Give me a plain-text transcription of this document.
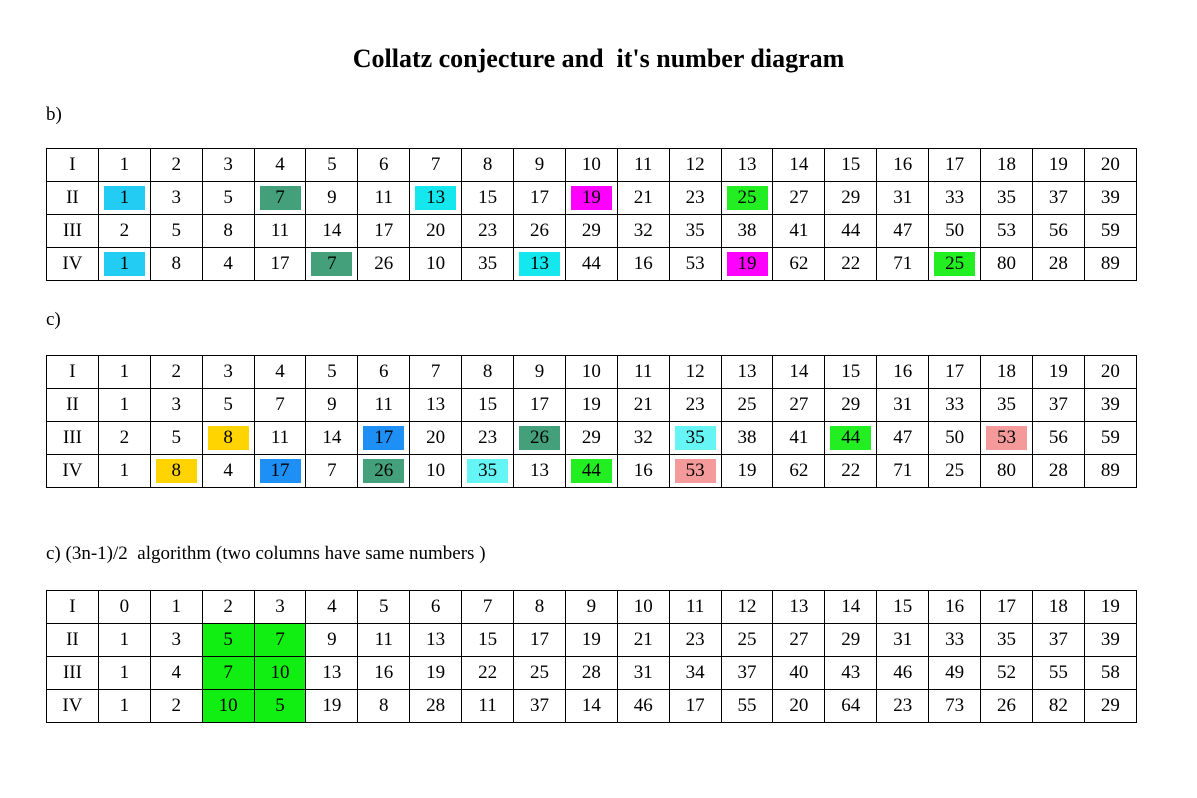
Collatz conjecture and  it's number diagram
b)
I	1	2	3	4	5	6	7	8	9	10	11	12	13	14	15	16	17	18	19	20
II	1	3	5	7	9	11	13	15	17	19	21	23	25	27	29	31	33	35	37	39
III	2	5	8	11	14	17	20	23	26	29	32	35	38	41	44	47	50	53	56	59
IV	1	8	4	17	7	26	10	35	13	44	16	53	19	62	22	71	25	80	28	89
c)
I	1	2	3	4	5	6	7	8	9	10	11	12	13	14	15	16	17	18	19	20
II	1	3	5	7	9	11	13	15	17	19	21	23	25	27	29	31	33	35	37	39
III	2	5	8	11	14	17	20	23	26	29	32	35	38	41	44	47	50	53	56	59
IV	1	8	4	17	7	26	10	35	13	44	16	53	19	62	22	71	25	80	28	89
c) (3n-1)/2  algorithm (two columns have same numbers )
I	0	1	2	3	4	5	6	7	8	9	10	11	12	13	14	15	16	17	18	19
II	1	3	5	7	9	11	13	15	17	19	21	23	25	27	29	31	33	35	37	39
III	1	4	7	10	13	16	19	22	25	28	31	34	37	40	43	46	49	52	55	58
IV	1	2	10	5	19	8	28	11	37	14	46	17	55	20	64	23	73	26	82	29
